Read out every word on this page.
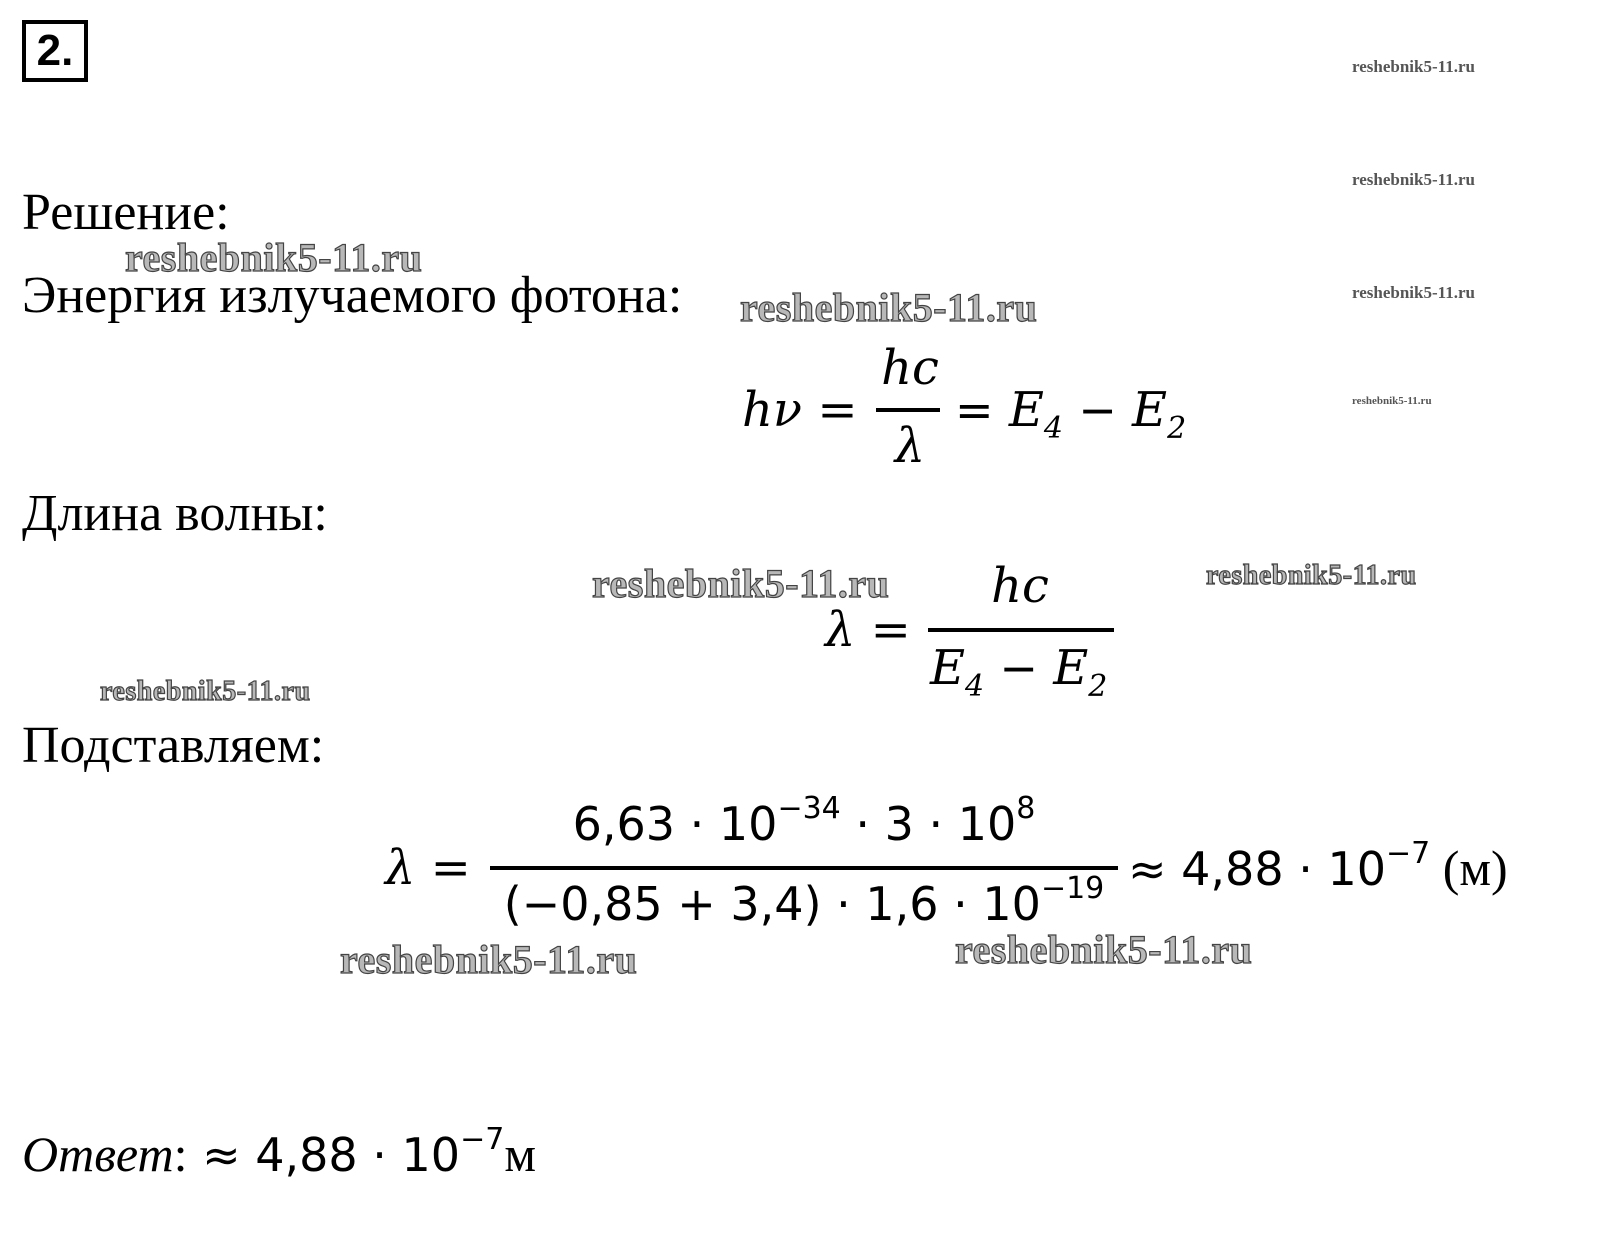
2.	reshebnik5-11.ru
reshebnik5-11.ru
reshebnik5-11.ru
reshebnik5-11.ru
Решение:
Энергия излучаемого фотона:
Длина волны:
Подставляем:
hν =
hc
λ
= $E_4 - E_2$
λ =
hc
$E_4 - E_2$
λ =
$6,63 \cdot 10^{-34} \cdot 3 \cdot 10^8$
$(-0,85 + 3,4) \cdot 1,6 \cdot 10^{-19} \approx 4,88 \cdot 10^{-7}$ (м)
Ответ: ≈ $4,88 \cdot 10^{-7}м$
reshebnik5-11.ru
reshebnik5-11.ru
reshebnik5-11.ru	reshebnik5-11.ru
reshebnik5-11.ru
reshebnik5-11.ru	reshebnik5-11.ru
